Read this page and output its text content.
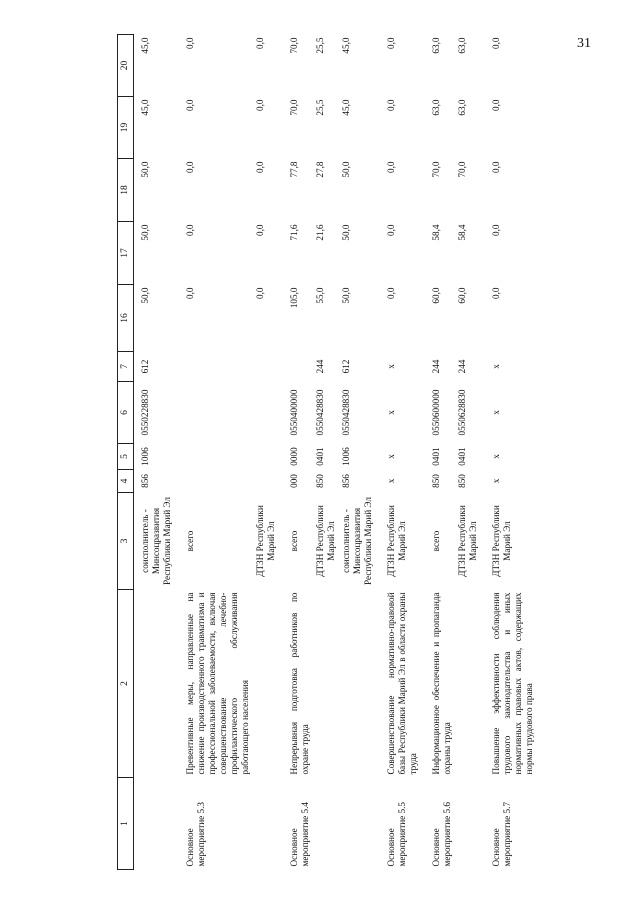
31
1	2	3	4	5	6	7	16	17	18	19	20
		соисполнитель - Минсоцразвития Республики Марий Эл	856	1006	0550228830	612	50,0	50,0	50,0	45,0	45,0
Основное мероприятие 5.3	Превентивные меры, направленные на снижение производственного травматизма и профессиональной заболеваемости, включая совершенствование лечебно-профилактического обслуживания работающего населения	всего					0,0	0,0	0,0	0,0	0,0
		ДТЗН Республики Марий Эл					0,0	0,0	0,0	0,0	0,0
Основное мероприятие 5.4	Непрерывная подготовка работников по охране труда	всего	000	0000	0550400000		105,0	71,6	77,8	70,0	70,0
		ДТЗН Республики Марий Эл	850	0401	0550428830	244	55,0	21,6	27,8	25,5	25,5
		соисполнитель - Минсоцразвития Республики Марий Эл	856	1006	0550428830	612	50,0	50,0	50,0	45,0	45,0
Основное мероприятие 5.5	Совершенствование нормативно-правовой базы Республики Марий Эл в области охраны труда	ДТЗН Республики Марий Эл	x	x	x	x	0,0	0,0	0,0	0,0	0,0
Основное мероприятие 5.6	Информационное обеспечение и пропаганда охраны труда	всего	850	0401	0550600000	244	60,0	58,4	70,0	63,0	63,0
		ДТЗН Республики Марий Эл	850	0401	0550628830	244	60,0	58,4	70,0	63,0	63,0
Основное мероприятие 5.7	Повышение эффективности соблюдения трудового законодательства и иных нормативных правовых актов, содержащих нормы трудового права	ДТЗН Республики Марий Эл	x	x	x	x	0,0	0,0	0,0	0,0	0,0
